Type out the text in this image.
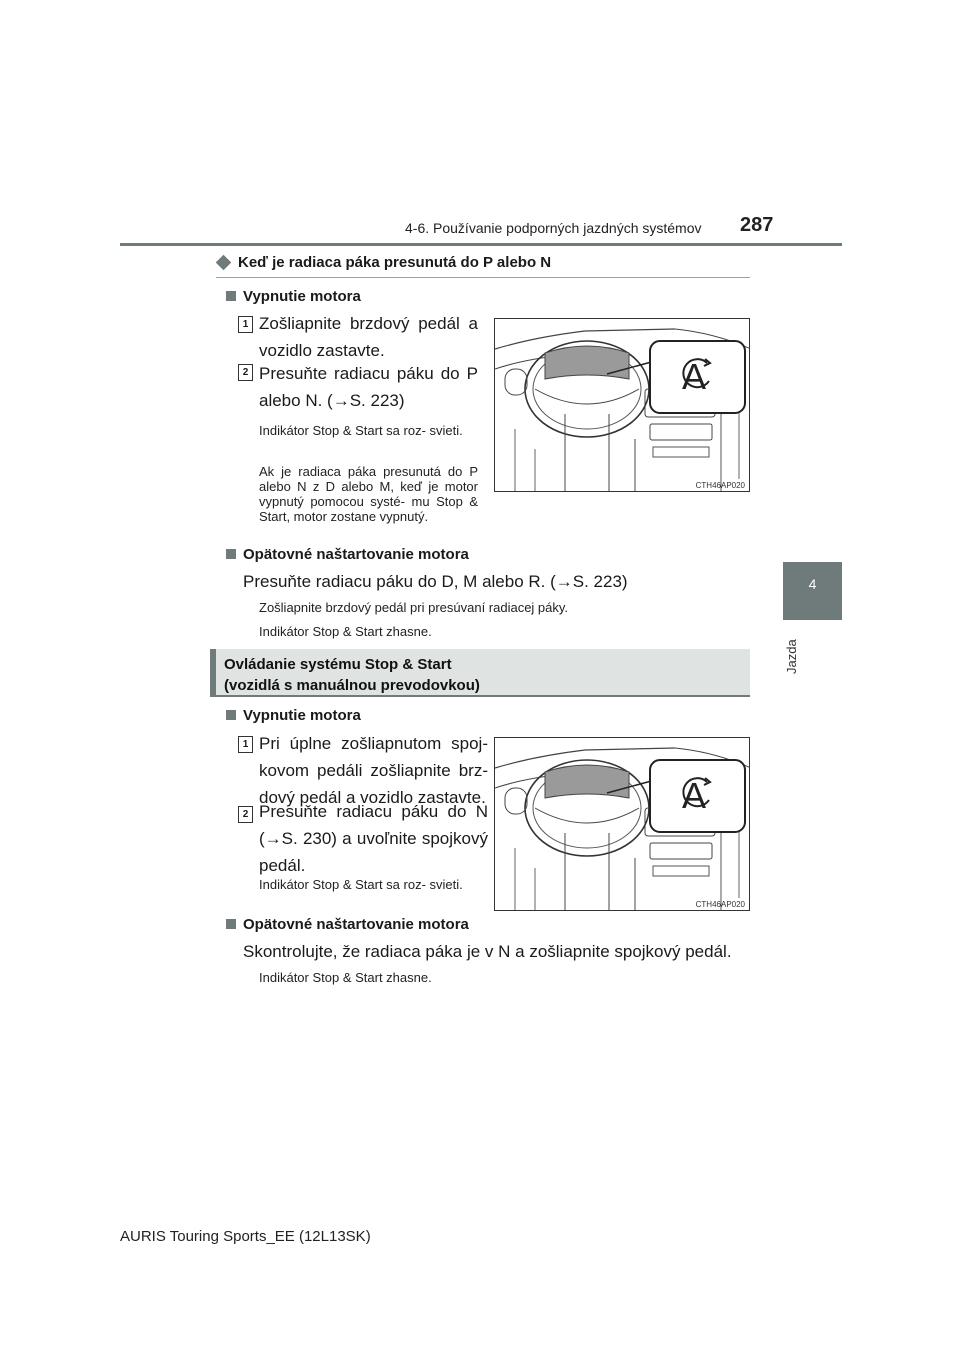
4-6. Používanie podporných jazdných systémov 287
4
Jazda
Keď je radiaca páka presunutá do P alebo N
Vypnutie motora
1 Zošliapnite brzdový pedál a vozidlo zastavte.
2 Presuňte radiacu páku do P alebo N. (→S. 223)
Indikátor Stop & Start sa roz- svieti.
Ak je radiaca páka presunutá do P alebo N z D alebo M, keď je motor vypnutý pomocou systé- mu Stop & Start, motor zostane vypnutý.
A
CTH46AP020
Opätovné naštartovanie motora
Presuňte radiacu páku do D, M alebo R. (→S. 223)
Zošliapnite brzdový pedál pri presúvaní radiacej páky.
Indikátor Stop & Start zhasne.
Ovládanie systému Stop & Start
(vozidlá s manuálnou prevodovkou)
Vypnutie motora
1 Pri úplne zošliapnutom spoj- kovom pedáli zošliapnite brz- dový pedál a vozidlo zastavte.
2 Presuňte radiacu páku do N (→S. 230) a uvoľnite spojkový pedál.
Indikátor Stop & Start sa roz- svieti.
A
CTH46AP020
Opätovné naštartovanie motora
Skontrolujte, že radiaca páka je v N a zošliapnite spojkový pedál.
Indikátor Stop & Start zhasne.
AURIS Touring Sports_EE (12L13SK)
